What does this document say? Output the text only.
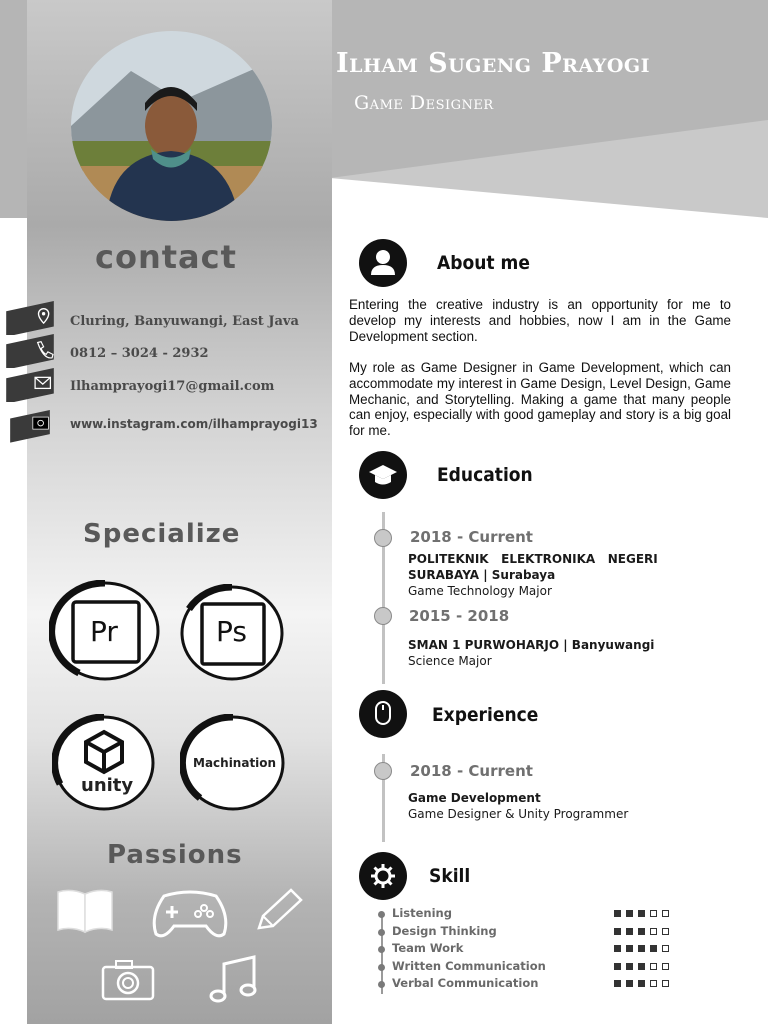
Ilham Sugeng Prayogi
Game Designer
contact
Cluring, Banyuwangi, East Java
0812 – 3024 - 2932
Ilhamprayogi17@gmail.com
www.instagram.com/ilhamprayogi13
Specialize
Pr	Ps
unity
Machination
Passions
About me
Entering the creative industry is an opportunity for me to develop my interests and hobbies, now I am in the Game Development section.
My role as Game Designer in Game Development, which can accommodate my interest in Game Design, Level Design, Game Mechanic, and Storytelling. Making a game that many people can enjoy, especially with good gameplay and story is a big goal for me.
Education
2018 - Current
POLITEKNIK   ELEKTRONIKA   NEGERI
SURABAYA | Surabaya
Game Technology Major
2015 - 2018
SMAN 1 PURWOHARJO | Banyuwangi
Science Major
Experience
2018 - Current
Game Development
Game Designer & Unity Programmer
Skill
Listening
Design Thinking
Team Work
Written Communication
Verbal Communication
